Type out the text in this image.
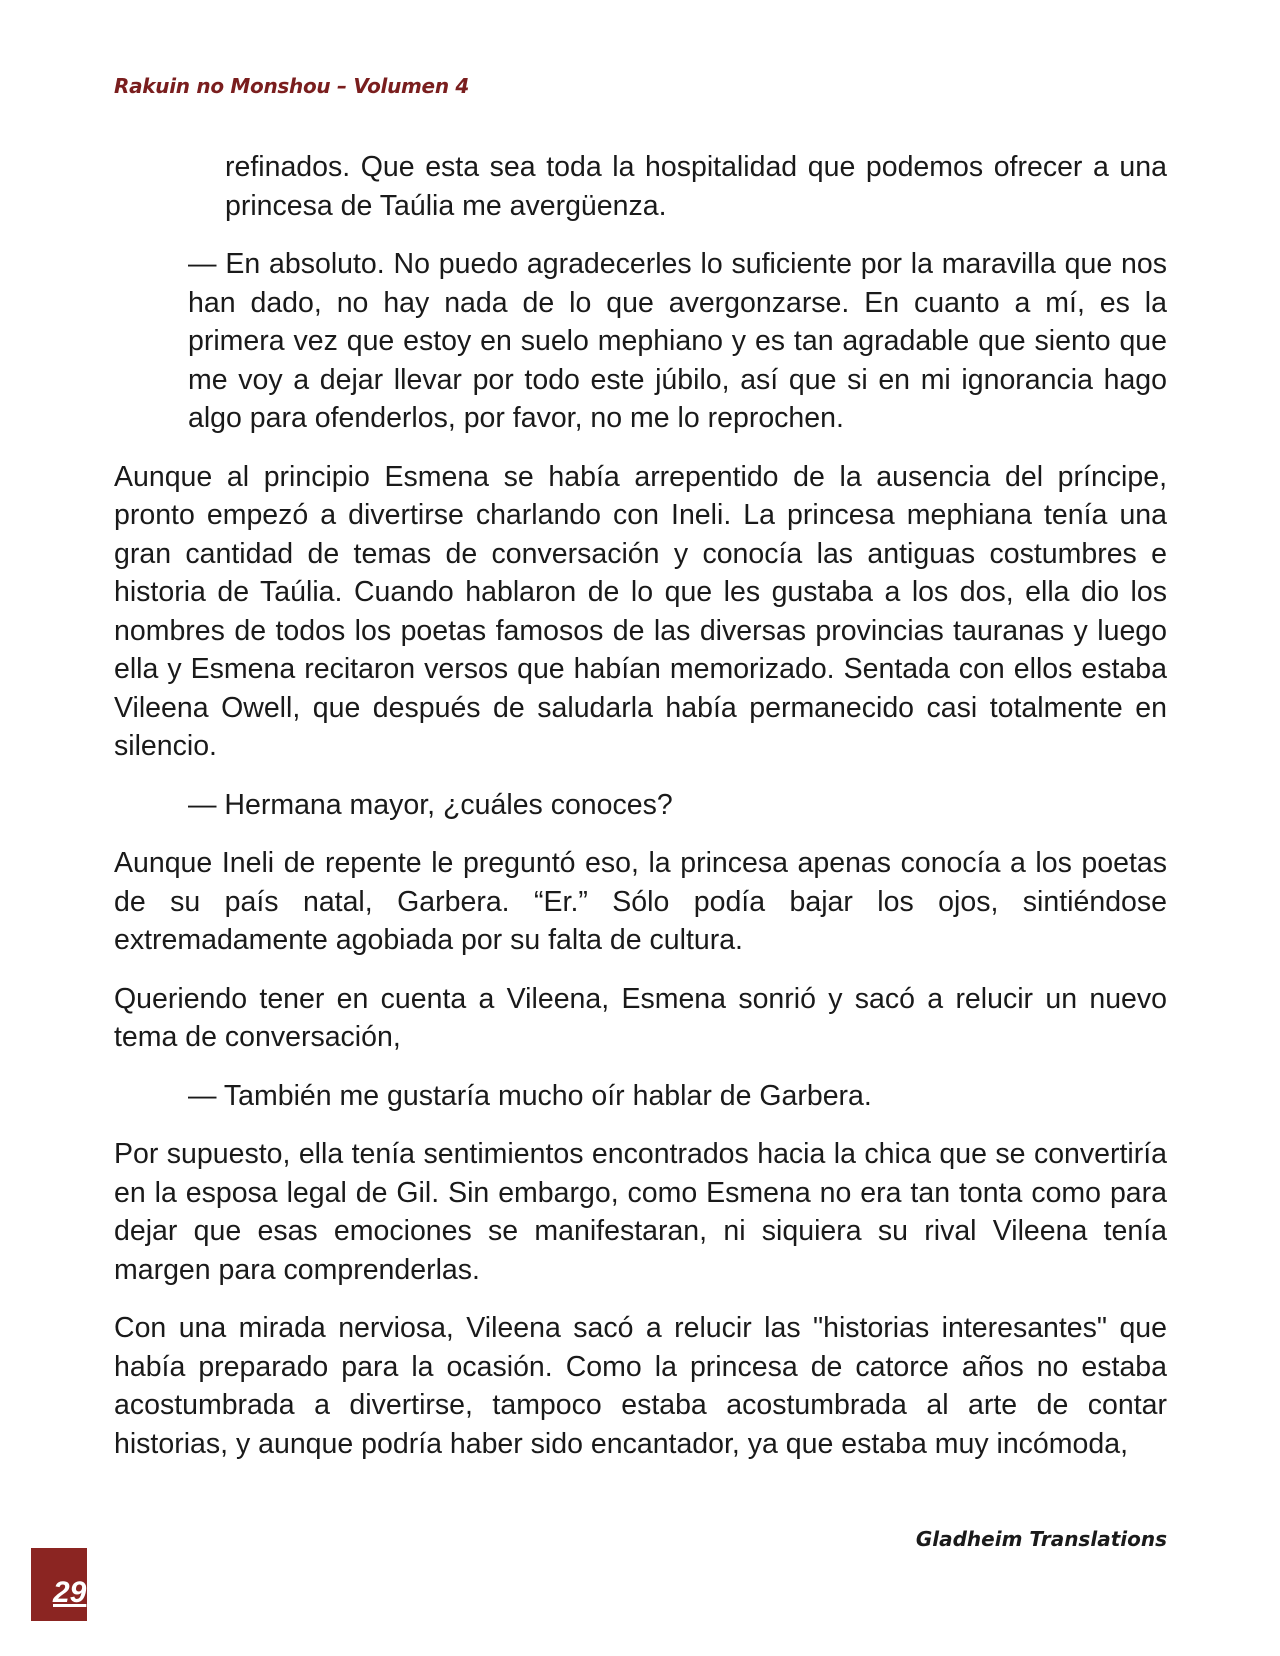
Rakuin no Monshou – Volumen 4

refinados. Que esta sea toda la hospitalidad que podemos ofrecer a una princesa de Taúlia me avergüenza.

— En absoluto. No puedo agradecerles lo suficiente por la maravilla que nos han dado, no hay nada de lo que avergonzarse. En cuanto a mí, es la primera vez que estoy en suelo mephiano y es tan agradable que siento que me voy a dejar llevar por todo este júbilo, así que si en mi ignorancia hago algo para ofenderlos, por favor, no me lo reprochen.

Aunque al principio Esmena se había arrepentido de la ausencia del príncipe, pronto empezó a divertirse charlando con Ineli. La princesa mephiana tenía una gran cantidad de temas de conversación y conocía las antiguas costumbres e historia de Taúlia. Cuando hablaron de lo que les gustaba a los dos, ella dio los nombres de todos los poetas famosos de las diversas provincias tauranas y luego ella y Esmena recitaron versos que habían memorizado. Sentada con ellos estaba Vileena Owell, que después de saludarla había permanecido casi totalmente en silencio.

— Hermana mayor, ¿cuáles conoces?

Aunque Ineli de repente le preguntó eso, la princesa apenas conocía a los poetas de su país natal, Garbera. “Er.” Sólo podía bajar los ojos, sintiéndose extremadamente agobiada por su falta de cultura.

Queriendo tener en cuenta a Vileena, Esmena sonrió y sacó a relucir un nuevo tema de conversación,

— También me gustaría mucho oír hablar de Garbera.

Por supuesto, ella tenía sentimientos encontrados hacia la chica que se convertiría en la esposa legal de Gil. Sin embargo, como Esmena no era tan tonta como para dejar que esas emociones se manifestaran, ni siquiera su rival Vileena tenía margen para comprenderlas.

Con una mirada nerviosa, Vileena sacó a relucir las "historias interesantes" que había preparado para la ocasión. Como la princesa de catorce años no estaba acostumbrada a divertirse, tampoco estaba acostumbrada al arte de contar historias, y aunque podría haber sido encantador, ya que estaba muy incómoda,

Gladheim Translations
29
